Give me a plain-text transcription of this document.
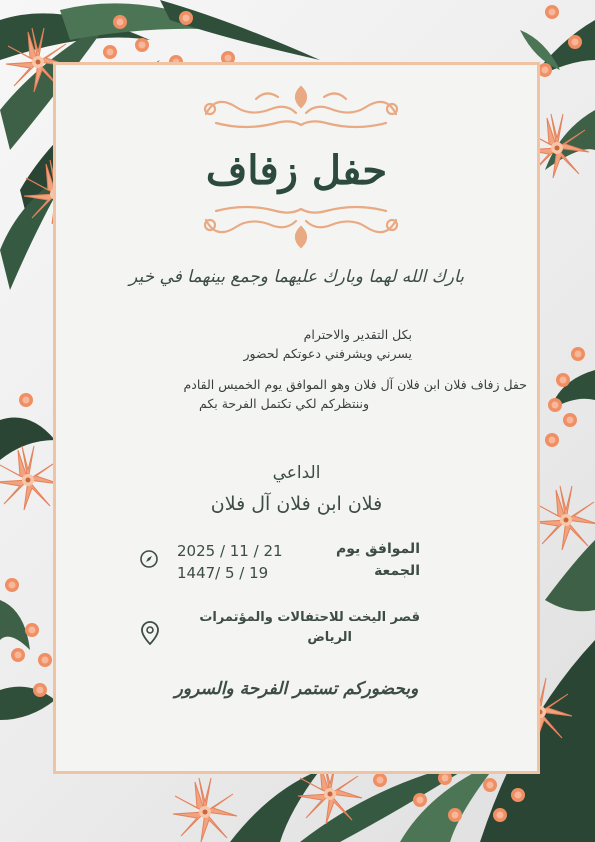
حفل زفاف
بارك الله لهما وبارك عليهما وجمع بينهما في خير
بكل التقدير والاحترام
يسرني ويشرفني دعوتكم لحضور
حفل زفاف فلان ابن فلان آل فلان وهو الموافق يوم الخميس القادم
وننتظركم لكي تكتمل الفرحة بكم
الداعي
فلان ابن فلان آل فلان
2025 / 11 / 21	الموافق يوم
1447/ 5 / 19	الجمعة
قصر اليخت للاحتفالات والمؤتمرات
الرياض
وبحضوركم تستمر الفرحة والسرور
